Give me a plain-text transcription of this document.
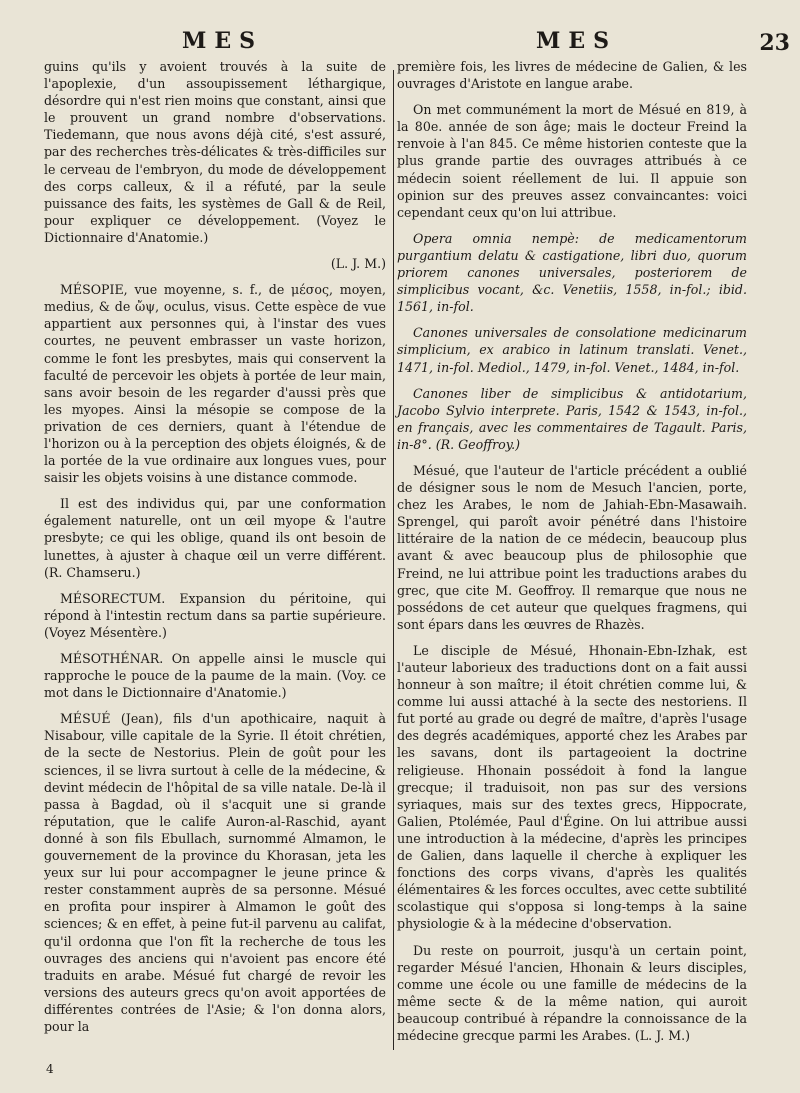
MES	MES	23

guins qu'ils y avoient trouvés à la suite de l'apoplexie, d'un assoupissement léthargique, désordre qui n'est rien moins que constant, ainsi que le prouvent un grand nombre d'observations. Tiedemann, que nous avons déjà cité, s'est assuré, par des recherches très-délicates & très-difficiles sur le cerveau de l'embryon, du mode de développement des corps calleux, & il a réfuté, par la seule puissance des faits, les systèmes de Gall & de Reil, pour expliquer ce développement. (Voyez le Dictionnaire d'Anatomie.)

(L. J. M.)

MÉSOPIE, vue moyenne, s. f., de μέσος, moyen, medius, & de ὤψ, oculus, visus. Cette espèce de vue appartient aux personnes qui, à l'instar des vues courtes, ne peuvent embrasser un vaste horizon, comme le font les presbytes, mais qui conservent la faculté de percevoir les objets à portée de leur main, sans avoir besoin de les regarder d'aussi près que les myopes. Ainsi la mésopie se compose de la privation de ces derniers, quant à l'étendue de l'horizon ou à la perception des objets éloignés, & de la portée de la vue ordinaire aux longues vues, pour saisir les objets voisins à une distance commode.

Il est des individus qui, par une conformation également naturelle, ont un œil myope & l'autre presbyte; ce qui les oblige, quand ils ont besoin de lunettes, à ajuster à chaque œil un verre différent. (R. Chamseru.)

MÉSORECTUM. Expansion du péritoine, qui répond à l'intestin rectum dans sa partie supérieure. (Voyez Mésentère.)

MÉSOTHÉNAR. On appelle ainsi le muscle qui rapproche le pouce de la paume de la main. (Voy. ce mot dans le Dictionnaire d'Anatomie.)

MÉSUÉ (Jean), fils d'un apothicaire, naquit à Nisabour, ville capitale de la Syrie. Il étoit chrétien, de la secte de Nestorius. Plein de goût pour les sciences, il se livra surtout à celle de la médecine, & devint médecin de l'hôpital de sa ville natale. De-là il passa à Bagdad, où il s'acquit une si grande réputation, que le calife Auron-al-Raschid, ayant donné à son fils Ebullach, surnommé Almamon, le gouvernement de la province du Khorasan, jeta les yeux sur lui pour accompagner le jeune prince & rester constamment auprès de sa personne. Mésué en profita pour inspirer à Almamon le goût des sciences; & en effet, à peine fut-il parvenu au califat, qu'il ordonna que l'on fît la recherche de tous les ouvrages des anciens qui n'avoient pas encore été traduits en arabe. Mésué fut chargé de revoir les versions des auteurs grecs qu'on avoit apportées de différentes contrées de l'Asie; & l'on donna alors, pour la

première fois, les livres de médecine de Galien, & les ouvrages d'Aristote en langue arabe.

On met communément la mort de Mésué en 819, à la 80e. année de son âge; mais le docteur Freind la renvoie à l'an 845. Ce même historien conteste que la plus grande partie des ouvrages attribués à ce médecin soient réellement de lui. Il appuie son opinion sur des preuves assez convaincantes: voici cependant ceux qu'on lui attribue.

Opera omnia nempè: de medicamentorum purgantium delatu & castigatione, libri duo, quorum priorem canones universales, posteriorem de simplicibus vocant, &c. Venetiis, 1558, in-fol.; ibid. 1561, in-fol.

Canones universales de consolatione medicinarum simplicium, ex arabico in latinum translati. Venet., 1471, in-fol. Mediol., 1479, in-fol. Venet., 1484, in-fol.

Canones liber de simplicibus & antidotarium, Jacobo Sylvio interprete. Paris, 1542 & 1543, in-fol., en français, avec les commentaires de Tagault. Paris, in-8°. (R. Geoffroy.)

Mésué, que l'auteur de l'article précédent a oublié de désigner sous le nom de Mesuch l'ancien, porte, chez les Arabes, le nom de Jahiah-Ebn-Masawaih. Sprengel, qui paroît avoir pénétré dans l'histoire littéraire de la nation de ce médecin, beaucoup plus avant & avec beaucoup plus de philosophie que Freind, ne lui attribue point les traductions arabes du grec, que cite M. Geoffroy. Il remarque que nous ne possédons de cet auteur que quelques fragmens, qui sont épars dans les œuvres de Rhazès.

Le disciple de Mésué, Hhonain-Ebn-Izhak, est l'auteur laborieux des traductions dont on a fait aussi honneur à son maître; il étoit chrétien comme lui, & comme lui aussi attaché à la secte des nestoriens. Il fut porté au grade ou degré de maître, d'après l'usage des degrés académiques, apporté chez les Arabes par les savans, dont ils partageoient la doctrine religieuse. Hhonain possédoit à fond la langue grecque; il traduisoit, non pas sur des versions syriaques, mais sur des textes grecs, Hippocrate, Galien, Ptolémée, Paul d'Égine. On lui attribue aussi une introduction à la médecine, d'après les principes de Galien, dans laquelle il cherche à expliquer les fonctions des corps vivans, d'après les qualités élémentaires & les forces occultes, avec cette subtilité scolastique qui s'opposa si long-temps à la saine physiologie & à la médecine d'observation.

Du reste on pourroit, jusqu'à un certain point, regarder Mésué l'ancien, Hhonain & leurs disciples, comme une école ou une famille de médecins de la même secte & de la même nation, qui auroit beaucoup contribué à répandre la connoissance de la médecine grecque parmi les Arabes. (L. J. M.)

4
